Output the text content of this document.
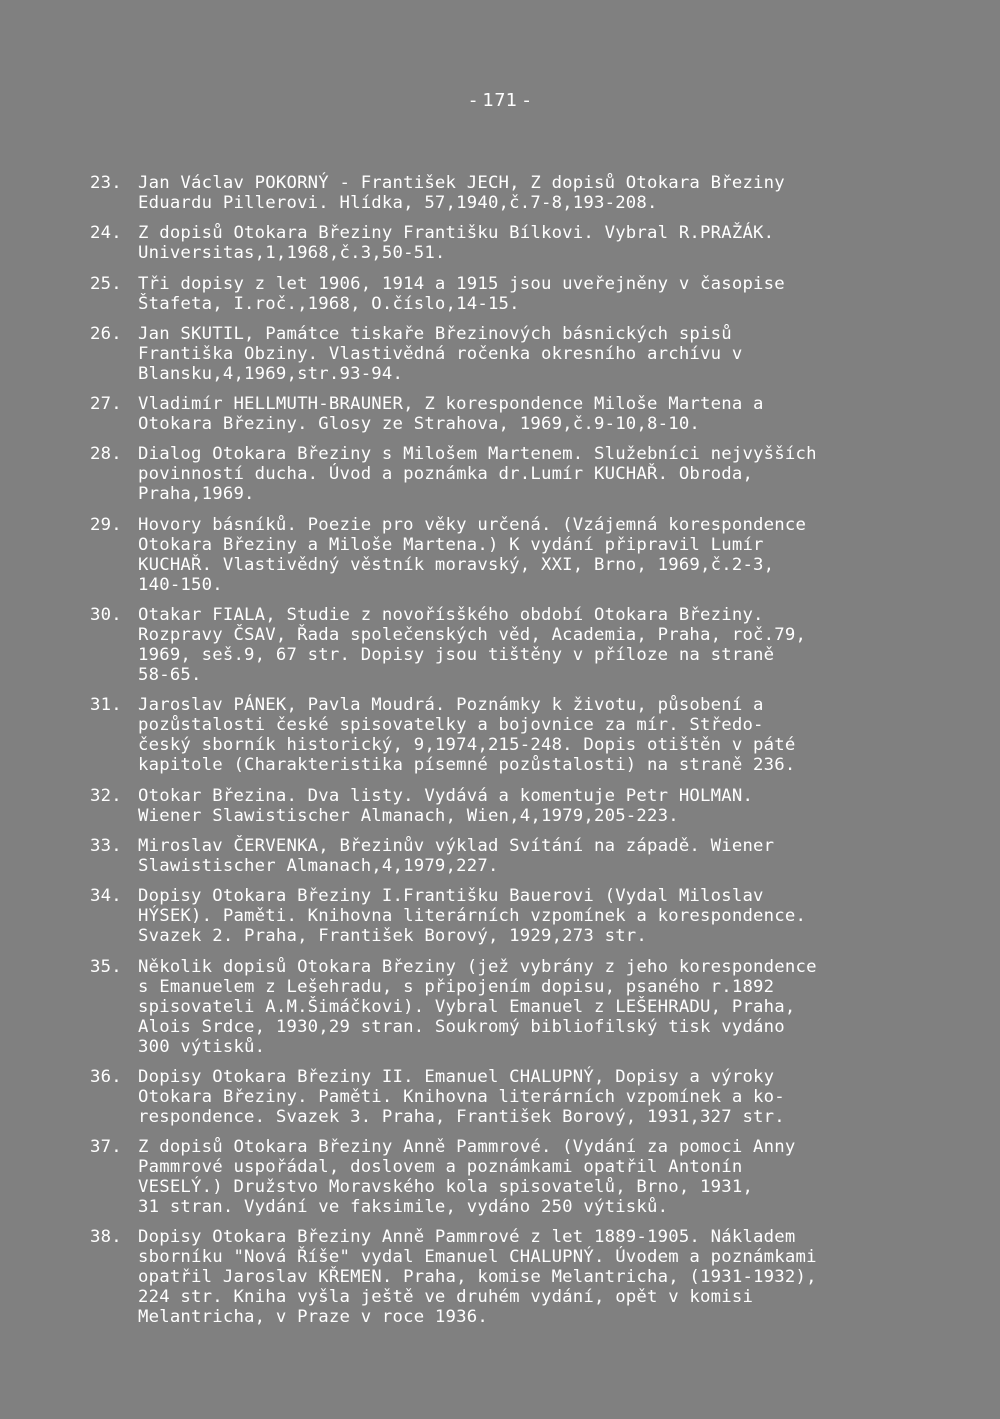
- 171 -
23. Jan Václav POKORNÝ - František JECH, Z dopisů Otokara Březiny
Eduardu Pillerovi. Hlídka, 57,1940,č.7-8,193-208.
24. Z dopisů Otokara Březiny Františku Bílkovi. Vybral R.PRAŽÁK.
Universitas,1,1968,č.3,50-51.
25. Tři dopisy z let 1906, 1914 a 1915 jsou uveřejněny v časopise
Štafeta, I.roč.,1968, O.číslo,14-15.
26. Jan SKUTIL, Památce tiskaře Březinových básnických spisů
Františka Obziny. Vlastivědná ročenka okresního archívu v
Blansku,4,1969,str.93-94.
27. Vladimír HELLMUTH-BRAUNER, Z korespondence Miloše Martena a
Otokara Březiny. Glosy ze Strahova, 1969,č.9-10,8-10.
28. Dialog Otokara Březiny s Milošem Martenem. Služebníci nejvyšších
povinností ducha. Úvod a poznámka dr.Lumír KUCHAŘ. Obroda,
Praha,1969.
29. Hovory básníků. Poezie pro věky určená. (Vzájemná korespondence
Otokara Březiny a Miloše Martena.) K vydání připravil Lumír
KUCHAŘ. Vlastivědný věstník moravský, XXI, Brno, 1969,č.2-3,
140-150.
30. Otakar FIALA, Studie z novořísškého období Otokara Březiny.
Rozpravy ČSAV, Řada společenských věd, Academia, Praha, roč.79,
1969, seš.9, 67 str. Dopisy jsou tištěny v příloze na straně
58-65.
31. Jaroslav PÁNEK, Pavla Moudrá. Poznámky k životu, působení a
pozůstalosti české spisovatelky a bojovnice za mír. Středo-
český sborník historický, 9,1974,215-248. Dopis otištěn v páté
kapitole (Charakteristika písemné pozůstalosti) na straně 236.
32. Otokar Březina. Dva listy. Vydává a komentuje Petr HOLMAN.
Wiener Slawistischer Almanach, Wien,4,1979,205-223.
33. Miroslav ČERVENKA, Březinův výklad Svítání na západě. Wiener
Slawistischer Almanach,4,1979,227.
34. Dopisy Otokara Březiny I.Františku Bauerovi (Vydal Miloslav
HÝSEK). Paměti. Knihovna literárních vzpomínek a korespondence.
Svazek 2. Praha, František Borový, 1929,273 str.
35. Několik dopisů Otokara Březiny (jež vybrány z jeho korespondence
s Emanuelem z Lešehradu, s připojením dopisu, psaného r.1892
spisovateli A.M.Šimáčkovi). Vybral Emanuel z LEŠEHRADU, Praha,
Alois Srdce, 1930,29 stran. Soukromý bibliofilský tisk vydáno
300 výtisků.
36. Dopisy Otokara Březiny II. Emanuel CHALUPNÝ, Dopisy a výroky
Otokara Březiny. Paměti. Knihovna literárních vzpomínek a ko-
respondence. Svazek 3. Praha, František Borový, 1931,327 str.
37. Z dopisů Otokara Březiny Anně Pammrové. (Vydání za pomoci Anny
Pammrové uspořádal, doslovem a poznámkami opatřil Antonín
VESELÝ.) Družstvo Moravského kola spisovatelů, Brno, 1931,
31 stran. Vydání ve faksimile, vydáno 250 výtisků.
38. Dopisy Otokara Březiny Anně Pammrové z let 1889-1905. Nákladem
sborníku "Nová Říše" vydal Emanuel CHALUPNÝ. Úvodem a poznámkami
opatřil Jaroslav KŘEMEN. Praha, komise Melantricha, (1931-1932),
224 str. Kniha vyšla ještě ve druhém vydání, opět v komisi
Melantricha, v Praze v roce 1936.
